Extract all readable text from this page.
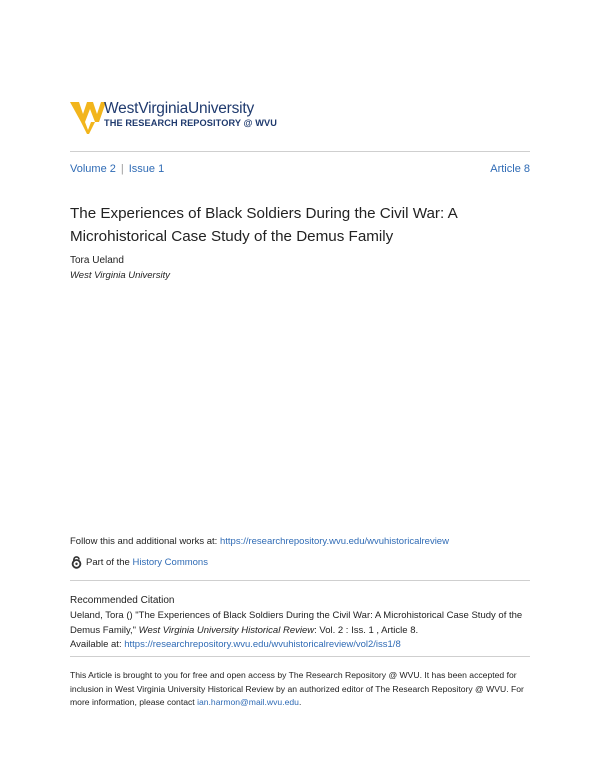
WestVirginiaUniversity
THE RESEARCH REPOSITORY @ WVU
Volume 2 | Issue 1	Article 8
The Experiences of Black Soldiers During the Civil War: A Microhistorical Case Study of the Demus Family
Tora Ueland
West Virginia University
Follow this and additional works at: https://researchrepository.wvu.edu/wvuhistoricalreview
Part of the
History Commons
Recommended Citation
Ueland, Tora () "The Experiences of Black Soldiers During the Civil War: A Microhistorical Case Study of the Demus Family," West Virginia University Historical Review: Vol. 2 : Iss. 1 , Article 8.
Available at: https://researchrepository.wvu.edu/wvuhistoricalreview/vol2/iss1/8
This Article is brought to you for free and open access by The Research Repository @ WVU. It has been accepted for inclusion in West Virginia University Historical Review by an authorized editor of The Research Repository @ WVU. For more information, please contact ian.harmon@mail.wvu.edu.
